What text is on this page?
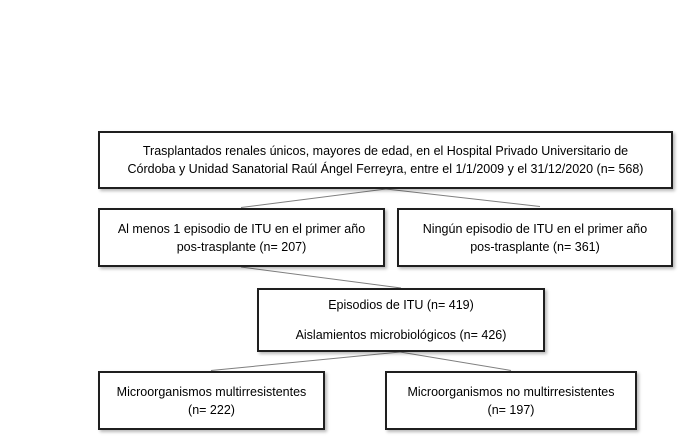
Trasplantados renales únicos, mayores de edad, en el Hospital Privado Universitario de
Córdoba y Unidad Sanatorial Raúl Ángel Ferreyra, entre el 1/1/2009 y el 31/12/2020 (n= 568)
Al menos 1 episodio de ITU en el primer año
pos-trasplante (n= 207)
Ningún episodio de ITU en el primer año
pos-trasplante (n= 361)
Episodios de ITU (n= 419)
Aislamientos microbiológicos (n= 426)
Microorganismos multirresistentes
(n= 222)
Microorganismos no multirresistentes
(n= 197)
